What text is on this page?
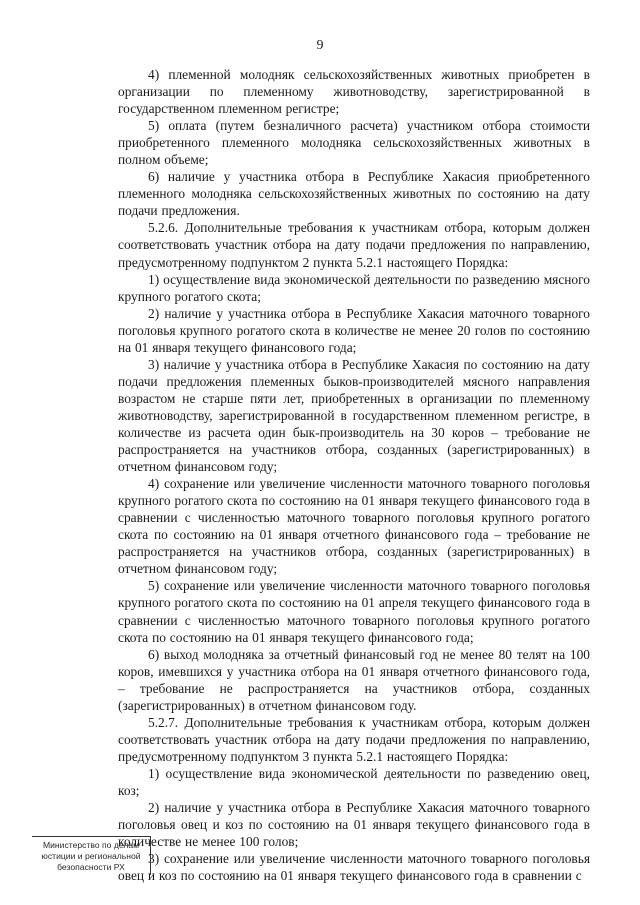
9

4) племенной молодняк сельскохозяйственных животных приобретен в организации по племенному животноводству, зарегистрированной в государственном племенном регистре;

5) оплата (путем безналичного расчета) участником отбора стоимости приобретенного племенного молодняка сельскохозяйственных животных в полном объеме;

6) наличие у участника отбора в Республике Хакасия приобретенного племенного молодняка сельскохозяйственных животных по состоянию на дату подачи предложения.

5.2.6. Дополнительные требования к участникам отбора, которым должен соответствовать участник отбора на дату подачи предложения по направлению, предусмотренному подпунктом 2 пункта 5.2.1 настоящего Порядка:

1) осуществление вида экономической деятельности по разведению мясного крупного рогатого скота;

2) наличие у участника отбора в Республике Хакасия маточного товарного поголовья крупного рогатого скота в количестве не менее 20 голов по состоянию на 01 января текущего финансового года;

3) наличие у участника отбора в Республике Хакасия по состоянию на дату подачи предложения племенных быков-производителей мясного направления возрастом не старше пяти лет, приобретенных в организации по племенному животноводству, зарегистрированной в государственном племенном регистре, в количестве из расчета один бык-производитель на 30 коров – требование не распространяется на участников отбора, созданных (зарегистрированных) в отчетном финансовом году;

4) сохранение или увеличение численности маточного товарного поголовья крупного рогатого скота по состоянию на 01 января текущего финансового года в сравнении с численностью маточного товарного поголовья крупного рогатого скота по состоянию на 01 января отчетного финансового года – требование не распространяется на участников отбора, созданных (зарегистрированных) в отчетном финансовом году;

5) сохранение или увеличение численности маточного товарного поголовья крупного рогатого скота по состоянию на 01 апреля текущего финансового года в сравнении с численностью маточного товарного поголовья крупного рогатого скота по состоянию на 01 января текущего финансового года;

6) выход молодняка за отчетный финансовый год не менее 80 телят на 100 коров, имевшихся у участника отбора на 01 января отчетного финансового года, – требование не распространяется на участников отбора, созданных (зарегистрированных) в отчетном финансовом году.

5.2.7. Дополнительные требования к участникам отбора, которым должен соответствовать участник отбора на дату подачи предложения по направлению, предусмотренному подпунктом 3 пункта 5.2.1 настоящего Порядка:

1) осуществление вида экономической деятельности по разведению овец, коз;

2) наличие у участника отбора в Республике Хакасия маточного товарного поголовья овец и коз по состоянию на 01 января текущего финансового года в количестве не менее 100 голов;

3) сохранение или увеличение численности маточного товарного поголовья овец и коз по состоянию на 01 января текущего финансового года в сравнении с

Министерство по делам
юстиции и региональной
безопасности РХ
